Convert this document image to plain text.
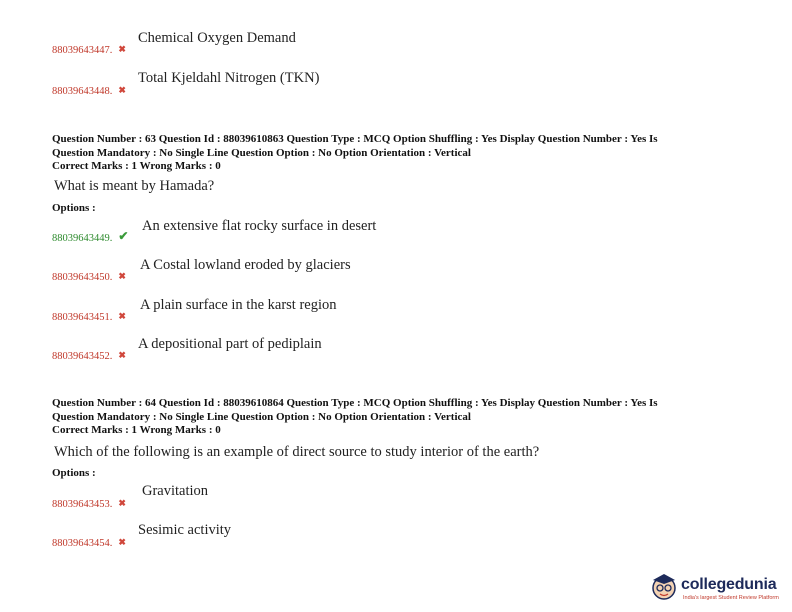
88039643447. ✖
Chemical Oxygen Demand
88039643448. ✖
Total Kjeldahl Nitrogen (TKN)
Question Number : 63 Question Id : 88039610863 Question Type : MCQ Option Shuffling : Yes Display Question Number : Yes Is
Question Mandatory : No Single Line Question Option : No Option Orientation : Vertical
Correct Marks : 1 Wrong Marks : 0
What is meant by Hamada?
Options :
88039643449. ✔
An extensive flat rocky surface in desert
88039643450. ✖
A Costal lowland eroded by glaciers
88039643451. ✖
A plain surface in the karst region
88039643452. ✖
A depositional part of pediplain
Question Number : 64 Question Id : 88039610864 Question Type : MCQ Option Shuffling : Yes Display Question Number : Yes Is
Question Mandatory : No Single Line Question Option : No Option Orientation : Vertical
Correct Marks : 1 Wrong Marks : 0
Which of the following is an example of direct source to study interior of the earth?
Options :
88039643453. ✖
Gravitation
88039643454. ✖
Sesimic activity
collegedunia
India's largest Student Review Platform
